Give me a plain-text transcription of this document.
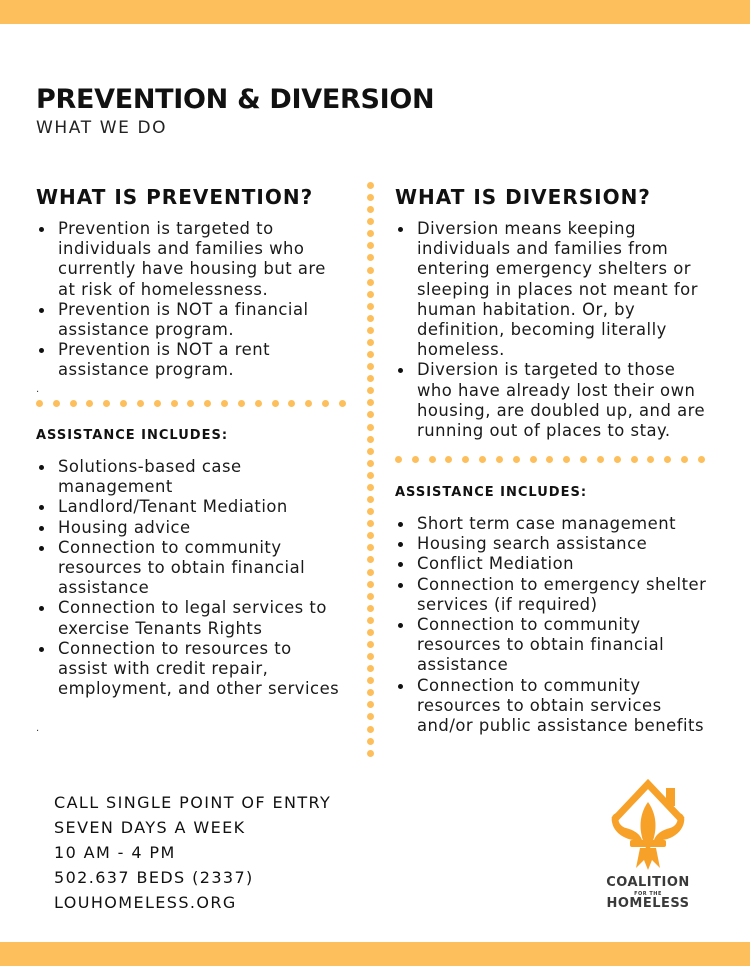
PREVENTION & DIVERSION
WHAT WE DO
WHAT IS PREVENTION?
Prevention is targeted to individuals and families who currently have housing but are at risk of homelessness.
Prevention is NOT a financial assistance program.
Prevention is NOT a rent assistance program.
.
ASSISTANCE INCLUDES:
Solutions-based case management
Landlord/Tenant Mediation
Housing advice
Connection to community resources to obtain financial assistance
Connection to legal services to exercise Tenants Rights
Connection to resources to assist with credit repair, employment, and other services
.
WHAT IS DIVERSION?
Diversion means keeping individuals and families from entering emergency shelters or sleeping in places not meant for human habitation. Or, by definition, becoming literally homeless.
Diversion is targeted to those who have already lost their own housing, are doubled up, and are running out of places to stay.
ASSISTANCE INCLUDES:
Short term case management
Housing search assistance
Conflict Mediation
Connection to emergency shelter services (if required)
Connection to community resources to obtain financial assistance
Connection to community resources to obtain services and/or public assistance benefits
CALL SINGLE POINT OF ENTRY
SEVEN DAYS A WEEK
10 AM - 4 PM
502.637 BEDS (2337)
LOUHOMELESS.ORG
COALITION
FOR THE
HOMELESS
